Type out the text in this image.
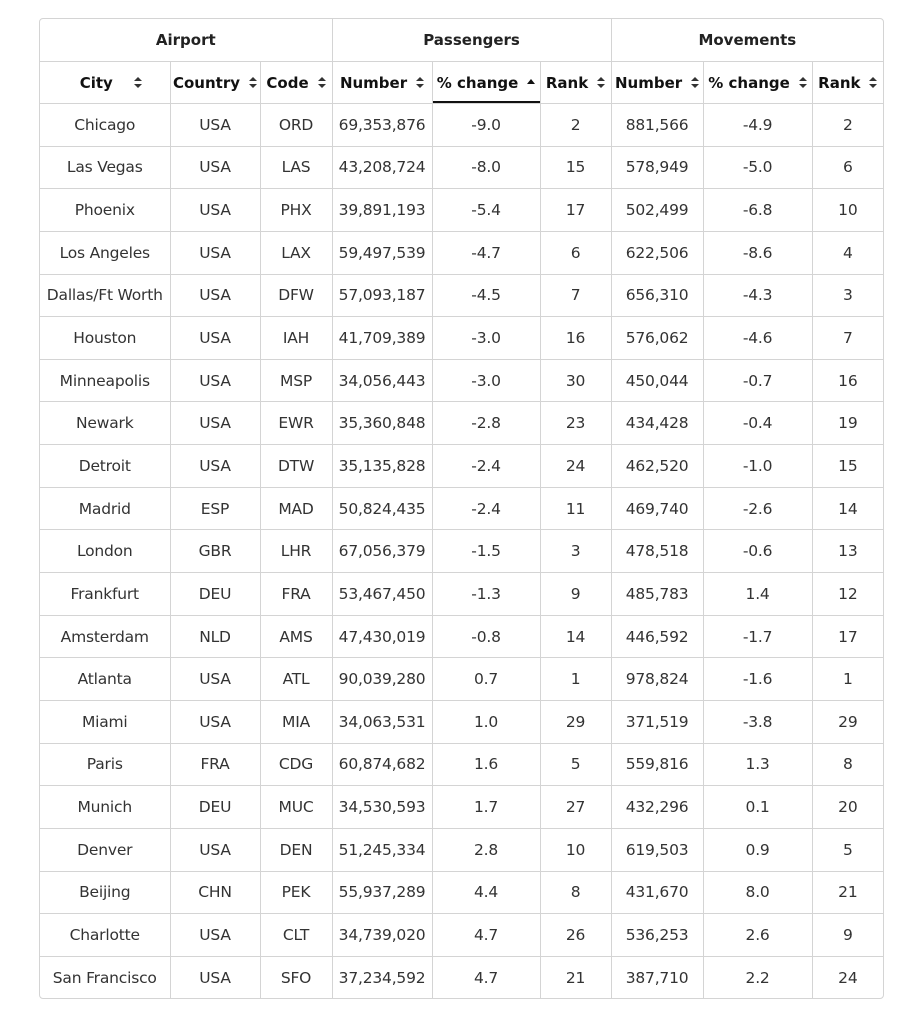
Airport			Passengers			Movements		

City	Country	Code	Number	% change	Rank	Number	% change	Rank

Chicago	USA	ORD	69,353,876	-9.0	2	881,566	-4.9	2
Las Vegas	USA	LAS	43,208,724	-8.0	15	578,949	-5.0	6
Phoenix	USA	PHX	39,891,193	-5.4	17	502,499	-6.8	10
Los Angeles	USA	LAX	59,497,539	-4.7	6	622,506	-8.6	4
Dallas/Ft Worth	USA	DFW	57,093,187	-4.5	7	656,310	-4.3	3
Houston	USA	IAH	41,709,389	-3.0	16	576,062	-4.6	7
Minneapolis	USA	MSP	34,056,443	-3.0	30	450,044	-0.7	16
Newark	USA	EWR	35,360,848	-2.8	23	434,428	-0.4	19
Detroit	USA	DTW	35,135,828	-2.4	24	462,520	-1.0	15
Madrid	ESP	MAD	50,824,435	-2.4	11	469,740	-2.6	14
London	GBR	LHR	67,056,379	-1.5	3	478,518	-0.6	13
Frankfurt	DEU	FRA	53,467,450	-1.3	9	485,783	1.4	12
Amsterdam	NLD	AMS	47,430,019	-0.8	14	446,592	-1.7	17
Atlanta	USA	ATL	90,039,280	0.7	1	978,824	-1.6	1
Miami	USA	MIA	34,063,531	1.0	29	371,519	-3.8	29
Paris	FRA	CDG	60,874,682	1.6	5	559,816	1.3	8
Munich	DEU	MUC	34,530,593	1.7	27	432,296	0.1	20
Denver	USA	DEN	51,245,334	2.8	10	619,503	0.9	5
Beijing	CHN	PEK	55,937,289	4.4	8	431,670	8.0	21
Charlotte	USA	CLT	34,739,020	4.7	26	536,253	2.6	9
San Francisco	USA	SFO	37,234,592	4.7	21	387,710	2.2	24
